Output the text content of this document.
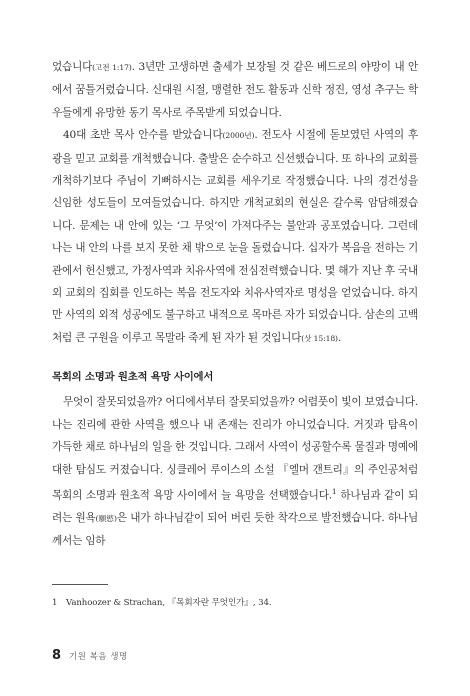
었습니다(고전 1:17). 3년만 고생하면 출세가 보장될 것 같은 베드로의 야망이 내 안에서 꿈틀거렸습니다. 신대원 시절, 맹렬한 전도 활동과 신학 정진, 영성 추구는 학우들에게 유망한 동기 목사로 주목받게 되었습니다.

40대 초반 목사 안수를 받았습니다(2000년). 전도사 시절에 돋보였던 사역의 후광을 믿고 교회를 개척했습니다. 출발은 순수하고 신선했습니다. 또 하나의 교회를 개척하기보다 주님이 기뻐하시는 교회를 세우기로 작정했습니다. 나의 경건성을 신임한 성도들이 모여들었습니다. 하지만 개척교회의 현실은 갈수록 암담해졌습니다. 문제는 내 안에 있는 ‘그 무엇’이 가져다주는 불안과 공포였습니다. 그런데 나는 내 안의 나를 보지 못한 채 밖으로 눈을 돌렸습니다. 십자가 복음을 전하는 기관에서 헌신했고, 가정사역과 치유사역에 전심전력했습니다. 몇 해가 지난 후 국내외 교회의 집회를 인도하는 복음 전도자와 치유사역자로 명성을 얻었습니다. 하지만 사역의 외적 성공에도 불구하고 내적으로 목마른 자가 되었습니다. 삼손의 고백처럼 큰 구원을 이루고 목말라 죽게 된 자가 된 것입니다(삿 15:18).

목회의 소명과 원초적 욕망 사이에서

무엇이 잘못되었을까? 어디에서부터 잘못되었을까? 어렴풋이 빛이 보였습니다. 나는 진리에 관한 사역을 했으나 내 존재는 진리가 아니었습니다. 거짓과 탐욕이 가득한 채로 하나님의 일을 한 것입니다. 그래서 사역이 성공할수록 물질과 명예에 대한 탐심도 커졌습니다. 싱클레어 루이스의 소설 『엘머 갠트리』의 주인공처럼 목회의 소명과 원초적 욕망 사이에서 늘 욕망을 선택했습니다.$^1$ 하나님과 같이 되려는 원욕(願慾)은 내가 하나님같이 되어 버린 듯한 착각으로 발전했습니다. 하나님께서는 임하

1 Vanhoozer & Strachan, 『목회자란 무엇인가』, 34.
8 기원 복음 생명
